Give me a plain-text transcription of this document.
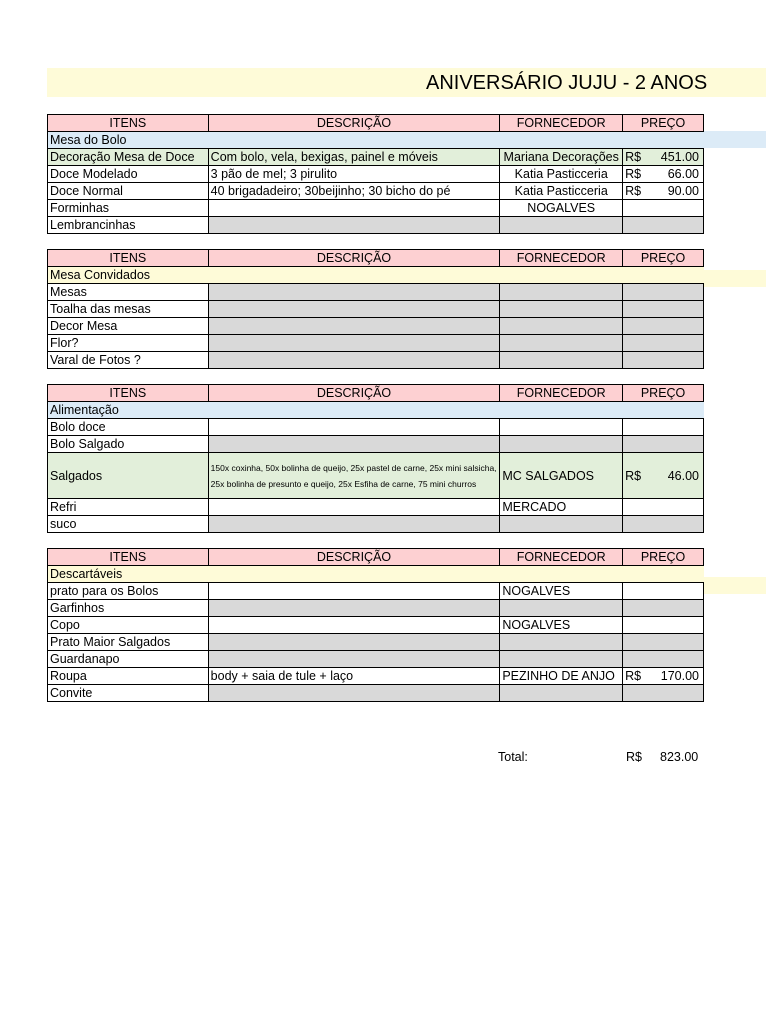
ANIVERSÁRIO JUJU - 2 ANOS
ITENS	DESCRIÇÃO	FORNECEDOR	PREÇO
Mesa do Bolo			
Decoração Mesa de Doce	Com bolo, vela, bexigas, painel e móveis	Mariana Decorações	R$ 451.00

Doce Modelado	3 pão de mel; 3 pirulito	Katia Pasticceria	R$ 66.00

Doce Normal	40 brigadadeiro; 30beijinho; 30 bicho do pé	Katia Pasticceria	R$ 90.00

Forminhas		NOGALVES	
Lembrancinhas			

ITENS	DESCRIÇÃO	FORNECEDOR	PREÇO
Mesa Convidados			
Mesas			
Toalha das mesas			
Decor Mesa			
Flor?			
Varal de Fotos ?			

ITENS	DESCRIÇÃO	FORNECEDOR	PREÇO
Alimentação			
Bolo doce			
Bolo Salgado			
Salgados	150x coxinha, 50x bolinha de queijo, 25x pastel de carne, 25x mini salsicha, 25x bolinha de presunto e queijo, 25x Esfiha de carne, 75 mini churros	MC SALGADOS	R$ 46.00

Refri		MERCADO	
suco			

ITENS	DESCRIÇÃO	FORNECEDOR	PREÇO
Descartáveis			
prato para os Bolos		NOGALVES	
Garfinhos			
Copo		NOGALVES	
Prato Maior Salgados			
Guardanapo			
Roupa	body + saia de tule + laço	PEZINHO DE ANJO	R$ 170.00

Convite			
Total:	R$ 823.00
